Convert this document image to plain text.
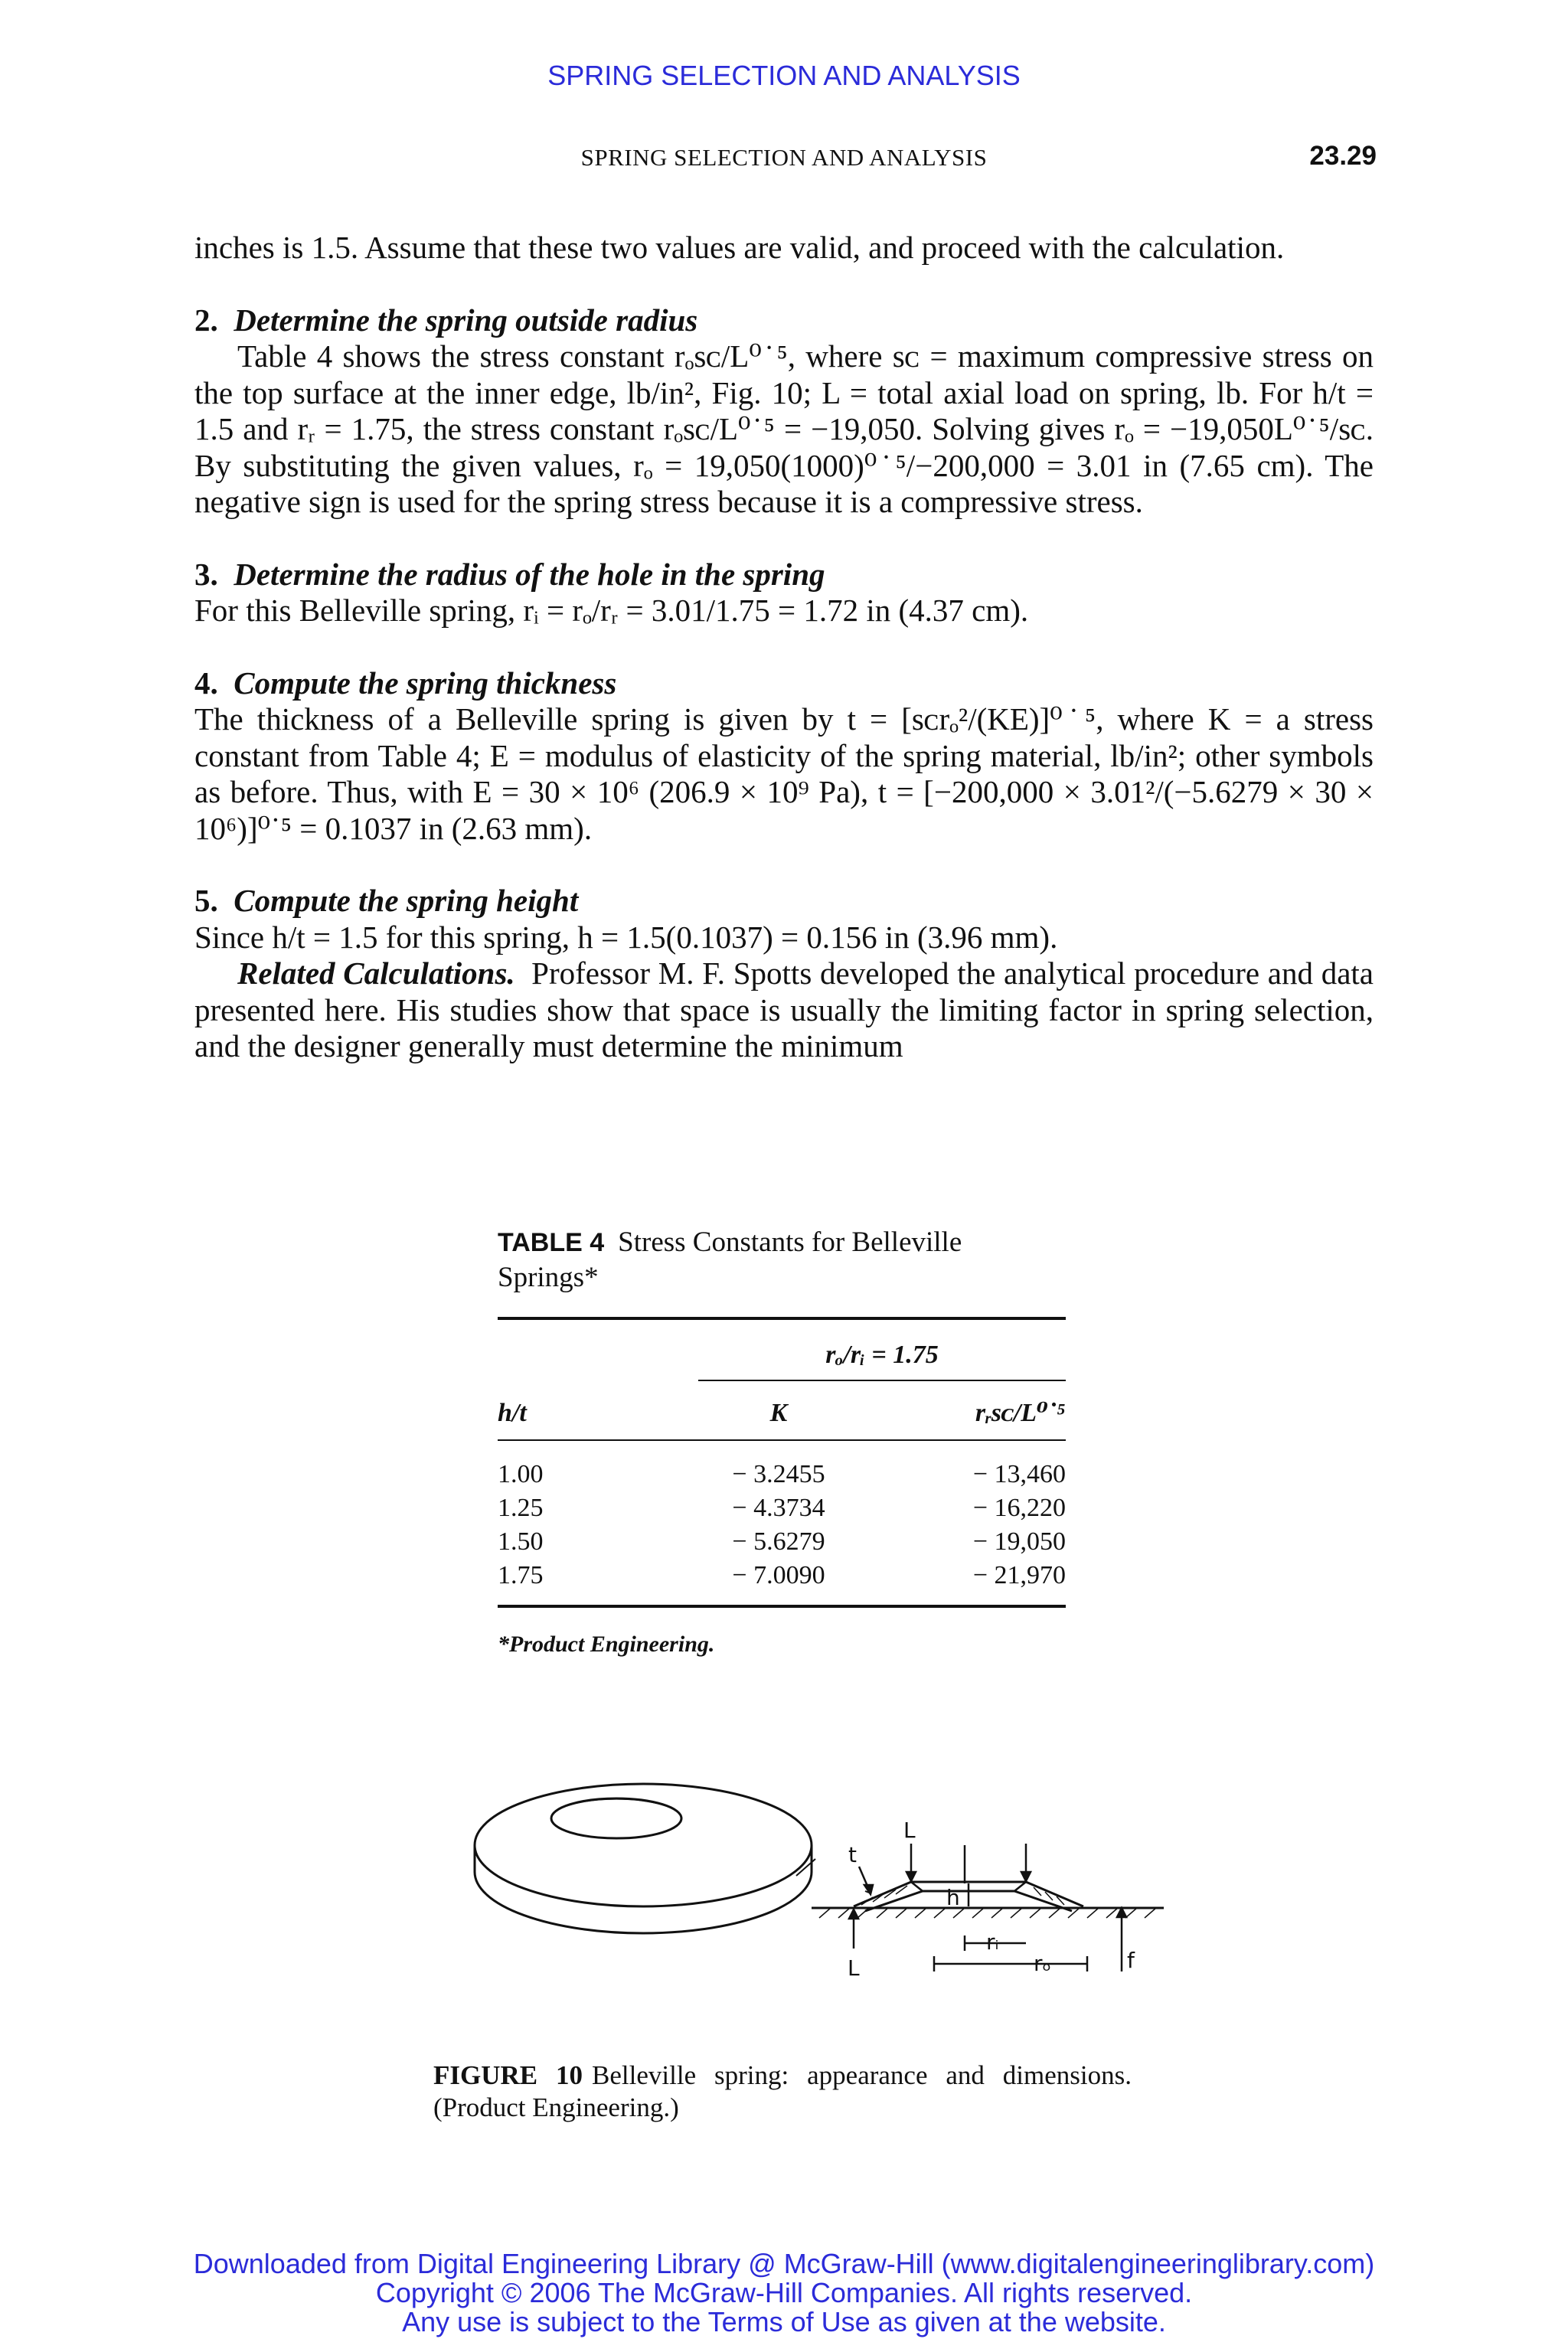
SPRING SELECTION AND ANALYSIS
SPRING SELECTION AND ANALYSIS	23.29

inches is 1.5. Assume that these two values are valid, and proceed with the calculation.

2. Determine the spring outside radius

Table 4 shows the stress constant rₒsᴄ/L⁰˙⁵, where sᴄ = maximum compressive stress on the top surface at the inner edge, lb/in², Fig. 10; L = total axial load on spring, lb. For h/t = 1.5 and rᵣ = 1.75, the stress constant rₒsᴄ/L⁰˙⁵ = −19,050. Solving gives rₒ = −19,050L⁰˙⁵/sᴄ. By substituting the given values, rₒ = 19,050(1000)⁰˙⁵/−200,000 = 3.01 in (7.65 cm). The negative sign is used for the spring stress because it is a compressive stress.

3. Determine the radius of the hole in the spring

For this Belleville spring, rᵢ = rₒ/rᵣ = 3.01/1.75 = 1.72 in (4.37 cm).

4. Compute the spring thickness

The thickness of a Belleville spring is given by t = [sᴄrₒ²/(KE)]⁰˙⁵, where K = a stress constant from Table 4; E = modulus of elasticity of the spring material, lb/in²; other symbols as before. Thus, with E = 30 × 10⁶ (206.9 × 10⁹ Pa), t = [−200,000 × 3.01²/(−5.6279 × 30 × 10⁶)]⁰˙⁵ = 0.1037 in (2.63 mm).

5. Compute the spring height

Since h/t = 1.5 for this spring, h = 1.5(0.1037) = 0.156 in (3.96 mm).

Related Calculations. Professor M. F. Spotts developed the analytical procedure and data presented here. His studies show that space is usually the limiting factor in spring selection, and the designer generally must determine the minimum

TABLE 4 Stress Constants for Belleville Springs*
rₒ/rᵢ = 1.75
h/t	K	rᵣsᴄ/L⁰˙⁵
1.00	− 3.2455	− 13,460
1.25	− 4.3734	− 16,220
1.50	− 5.6279	− 19,050
1.75	− 7.0090	− 21,970
*Product Engineering.
L
t
h
rᵢ
rₒ	f
L
FIGURE 10 Belleville spring: appearance and dimensions. (Product Engineering.)
Downloaded from Digital Engineering Library @ McGraw-Hill (www.digitalengineeringlibrary.com)
Copyright © 2006 The McGraw-Hill Companies. All rights reserved.
Any use is subject to the Terms of Use as given at the website.
